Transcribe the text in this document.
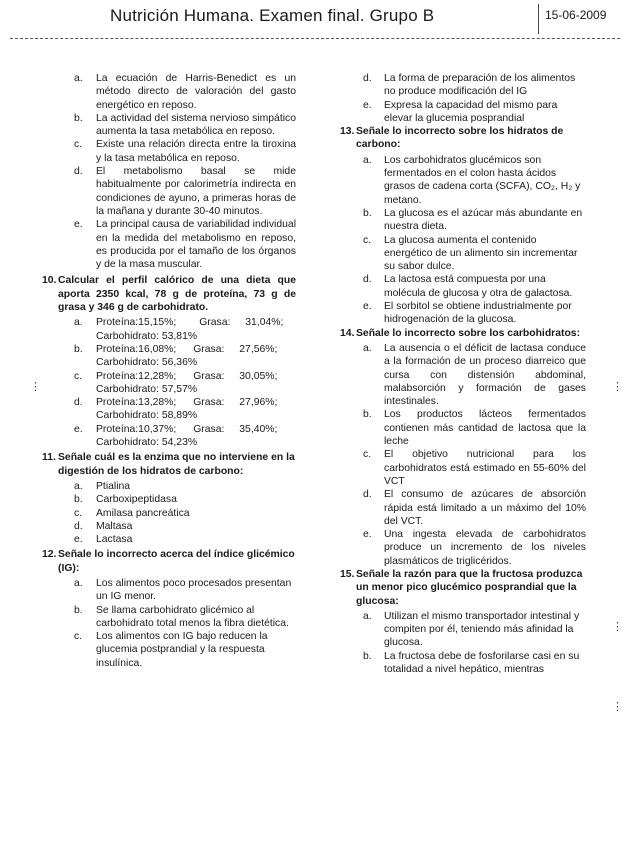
Nutrición Humana. Examen final. Grupo B	15-06-2009
a. La ecuación de Harris-Benedict es un método directo de valoración del gasto energético en reposo.
b. La actividad del sistema nervioso simpático aumenta la tasa metabólica en reposo.
c. Existe una relación directa entre la tiroxina y la tasa metabólica en reposo.
d. El metabolismo basal se mide habitualmente por calorimetría indirecta en condiciones de ayuno, a primeras horas de la mañana y durante 30-40 minutos.
e. La principal causa de variabilidad individual en la medida del metabolismo en reposo, es producida por el tamaño de los órganos y de la masa muscular.
10. Calcular el perfil calórico de una dieta que aporta 2350 kcal, 78 g de proteína, 73 g de grasa y 346 g de carbohidrato.
a. Proteína:15,15%; Grasa: 31,04%;
Carbohidrato: 53,81%
b. Proteína:16,08%; Grasa: 27,56%;
Carbohidrato: 56,36%
c. Proteína:12,28%; Grasa: 30,05%;
Carbohidrato: 57,57%
d. Proteína:13,28%; Grasa: 27,96%;
Carbohidrato: 58,89%
e. Proteína:10,37%; Grasa: 35,40%;
Carbohidrato: 54,23%
11. Señale cuál es la enzima que no interviene en la digestión de los hidratos de carbono:
a. Ptialina
b. Carboxipeptidasa
c. Amilasa pancreática
d. Maltasa
e. Lactasa
12. Señale lo incorrecto acerca del índice glicémico (IG):
a. Los alimentos poco procesados presentan un IG menor.
b. Se llama carbohidrato glicémico al carbohidrato total menos la fibra dietética.
c. Los alimentos con IG bajo reducen la glucemia postprandial y la respuesta insulínica.
d. La forma de preparación de los alimentos no produce modificación del IG
e. Expresa la capacidad del mismo para elevar la glucemia posprandial
13. Señale lo incorrecto sobre los hidratos de carbono:
a. Los carbohidratos glucémicos son fermentados en el colon hasta ácidos grasos de cadena corta (SCFA), CO₂, H₂ y metano.
b. La glucosa es el azúcar más abundante en nuestra dieta.
c. La glucosa aumenta el contenido energético de un alimento sin incrementar su sabor dulce.
d. La lactosa está compuesta por una molécula de glucosa y otra de galactosa.
e. El sorbitol se obtiene industrialmente por hidrogenación de la glucosa.
14. Señale lo incorrecto sobre los carbohidratos:
a. La ausencia o el déficit de lactasa conduce a la formación de un proceso diarreico que cursa con distensión abdominal, malabsorción y formación de gases intestinales.
b. Los productos lácteos fermentados contienen más cantidad de lactosa que la leche
c. El objetivo nutricional para los carbohidratos está estimado en 55-60% del VCT
d. El consumo de azúcares de absorción rápida está limitado a un máximo del 10% del VCT.
e. Una ingesta elevada de carbohidratos produce un incremento de los niveles plasmáticos de triglicéridos.
15. Señale la razón para que la fructosa produzca un menor pico glucémico posprandial que la glucosa:
a. Utilizan el mismo transportador intestinal y compiten por él, teniendo más afinidad la glucosa.
b. La fructosa debe de fosforilarse casi en su totalidad a nivel hepático, mientras
⋮	⋮
⋮
⋮
